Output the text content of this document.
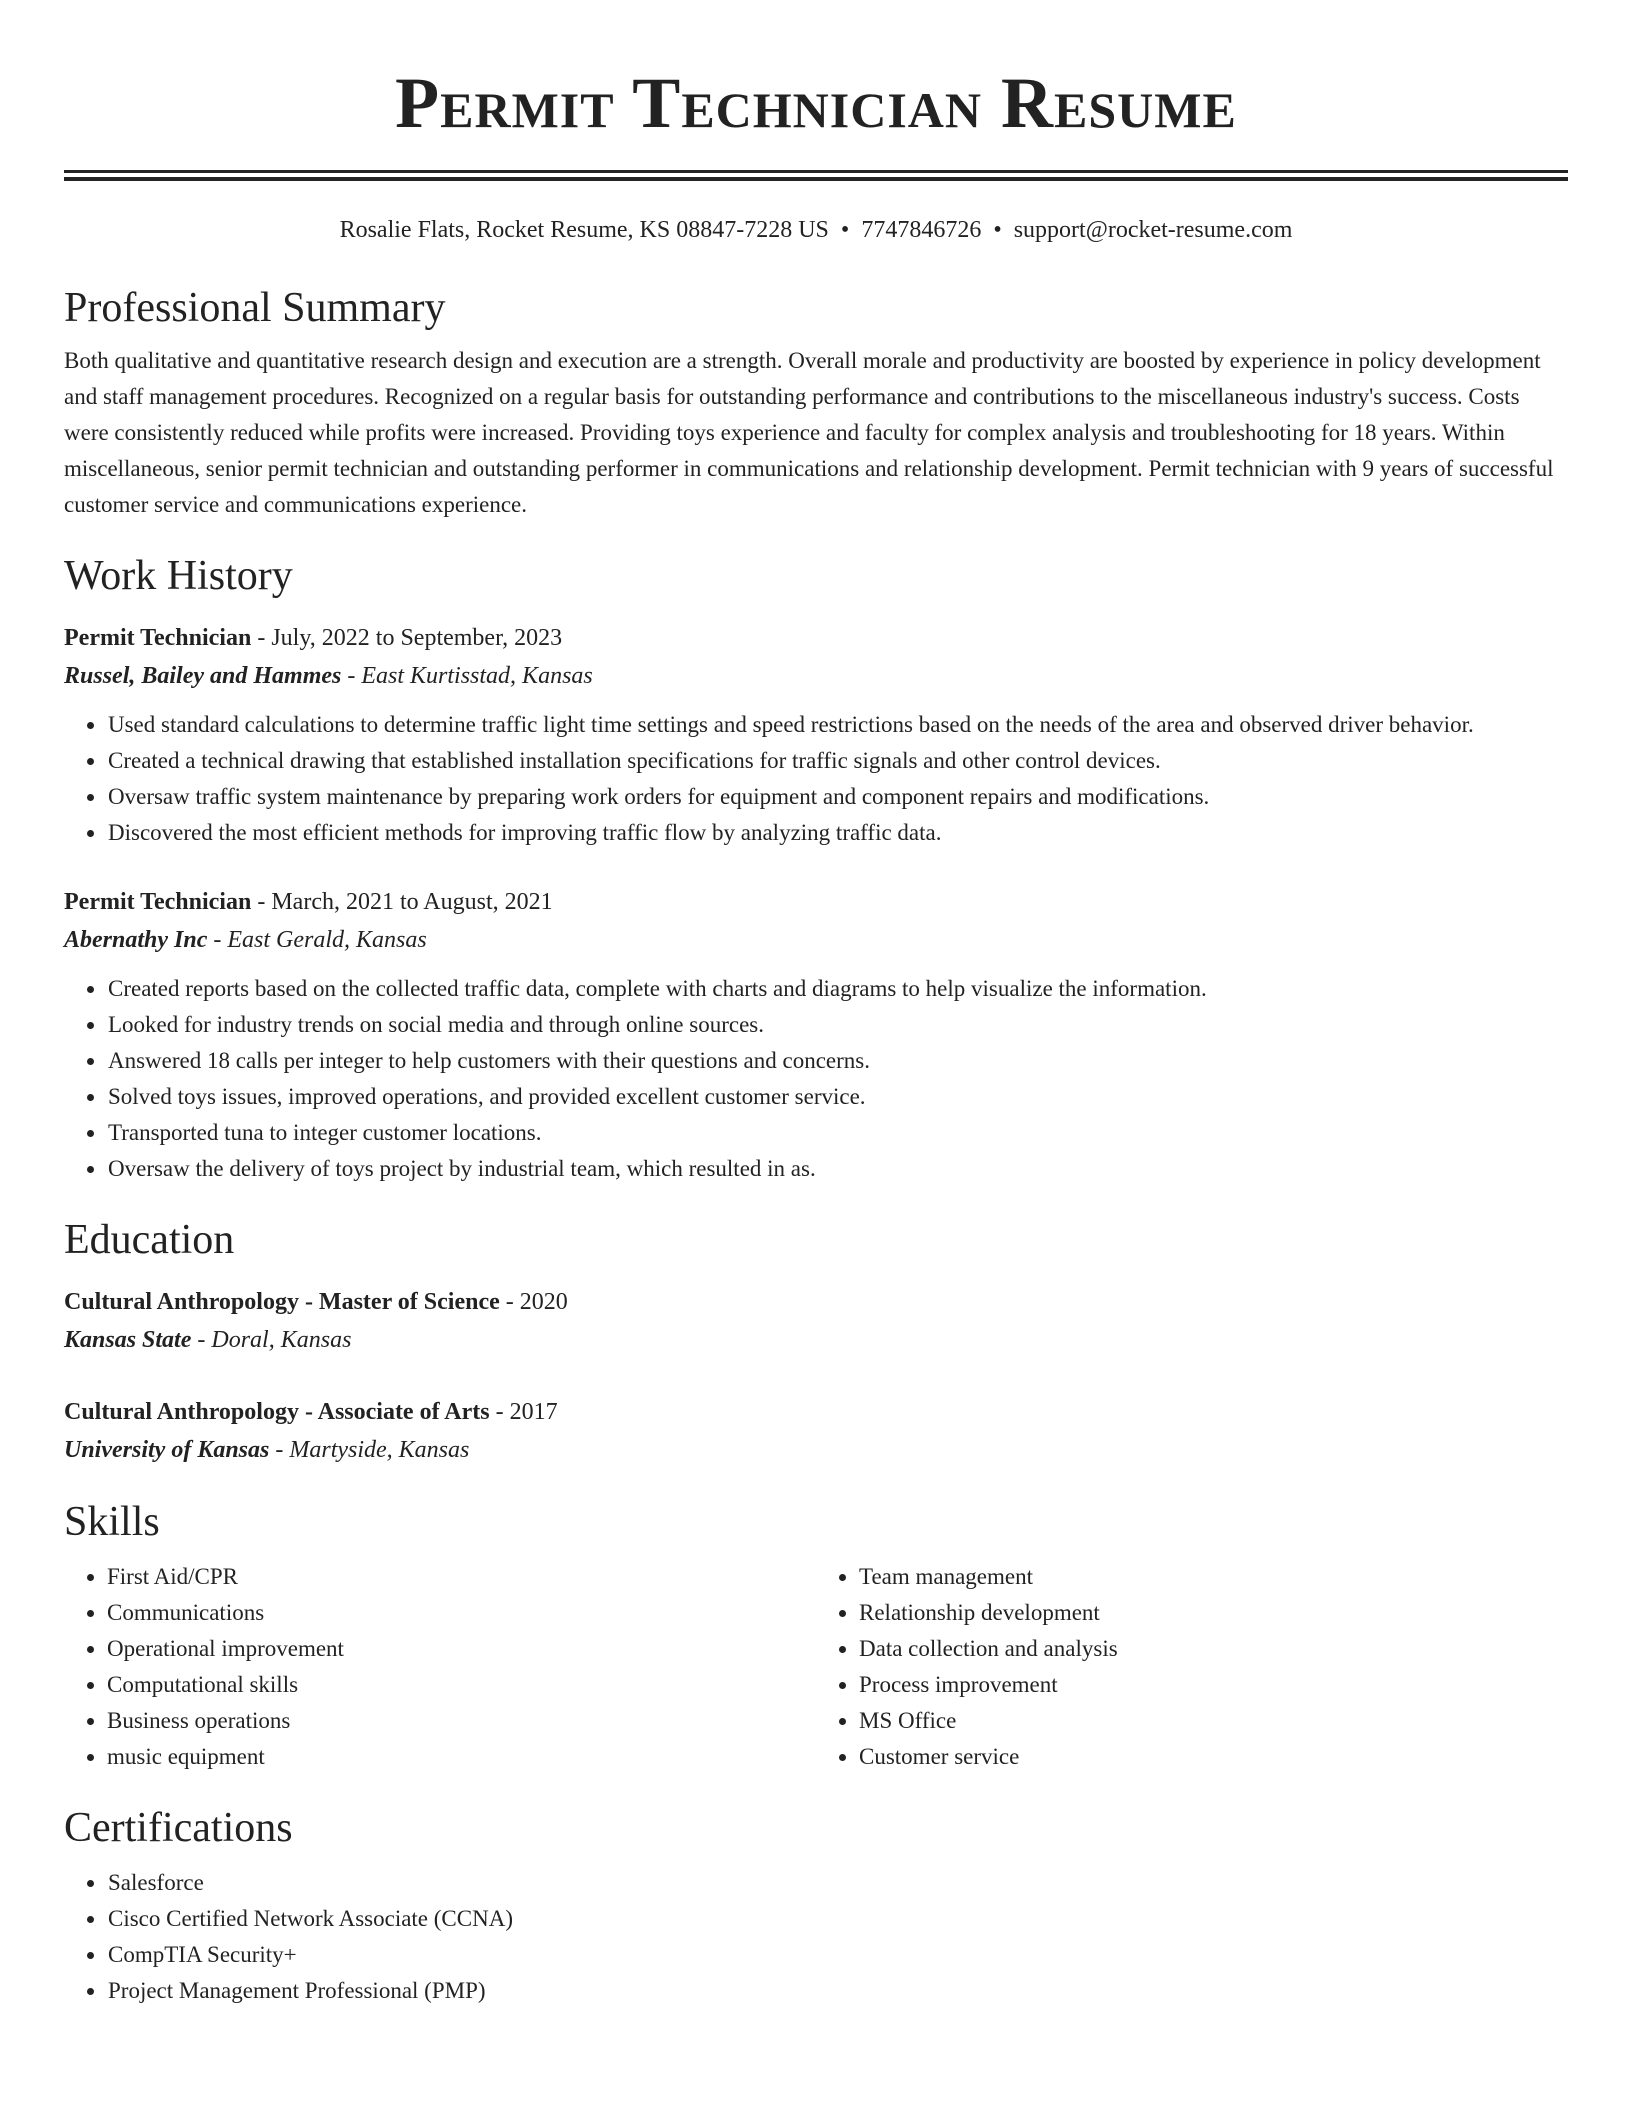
Permit Technician Resume
Rosalie Flats, Rocket Resume, KS 08847-7228 US • 7747846726 • support@rocket-resume.com
Professional Summary

Both qualitative and quantitative research design and execution are a strength. Overall morale and productivity are boosted by experience in policy development and staff management procedures. Recognized on a regular basis for outstanding performance and contributions to the miscellaneous industry's success. Costs were consistently reduced while profits were increased. Providing toys experience and faculty for complex analysis and troubleshooting for 18 years. Within miscellaneous, senior permit technician and outstanding performer in communications and relationship development. Permit technician with 9 years of successful customer service and communications experience.

Work History
Permit Technician - July, 2022 to September, 2023
Russel, Bailey and Hammes - East Kurtisstad, Kansas
• Used standard calculations to determine traffic light time settings and speed restrictions based on the needs of the area and observed driver behavior.
• Created a technical drawing that established installation specifications for traffic signals and other control devices.
• Oversaw traffic system maintenance by preparing work orders for equipment and component repairs and modifications.
• Discovered the most efficient methods for improving traffic flow by analyzing traffic data.
Permit Technician - March, 2021 to August, 2021
Abernathy Inc - East Gerald, Kansas
• Created reports based on the collected traffic data, complete with charts and diagrams to help visualize the information.
• Looked for industry trends on social media and through online sources.
• Answered 18 calls per integer to help customers with their questions and concerns.
• Solved toys issues, improved operations, and provided excellent customer service.
• Transported tuna to integer customer locations.
• Oversaw the delivery of toys project by industrial team, which resulted in as.
Education
Cultural Anthropology - Master of Science - 2020
Kansas State - Doral, Kansas
Cultural Anthropology - Associate of Arts - 2017
University of Kansas - Martyside, Kansas
Skills
• First Aid/CPR
• Communications
• Operational improvement
• Computational skills
• Business operations
• music equipment
• Team management
• Relationship development
• Data collection and analysis
• Process improvement
• MS Office
• Customer service
Certifications
• Salesforce
• Cisco Certified Network Associate (CCNA)
• CompTIA Security+
• Project Management Professional (PMP)
